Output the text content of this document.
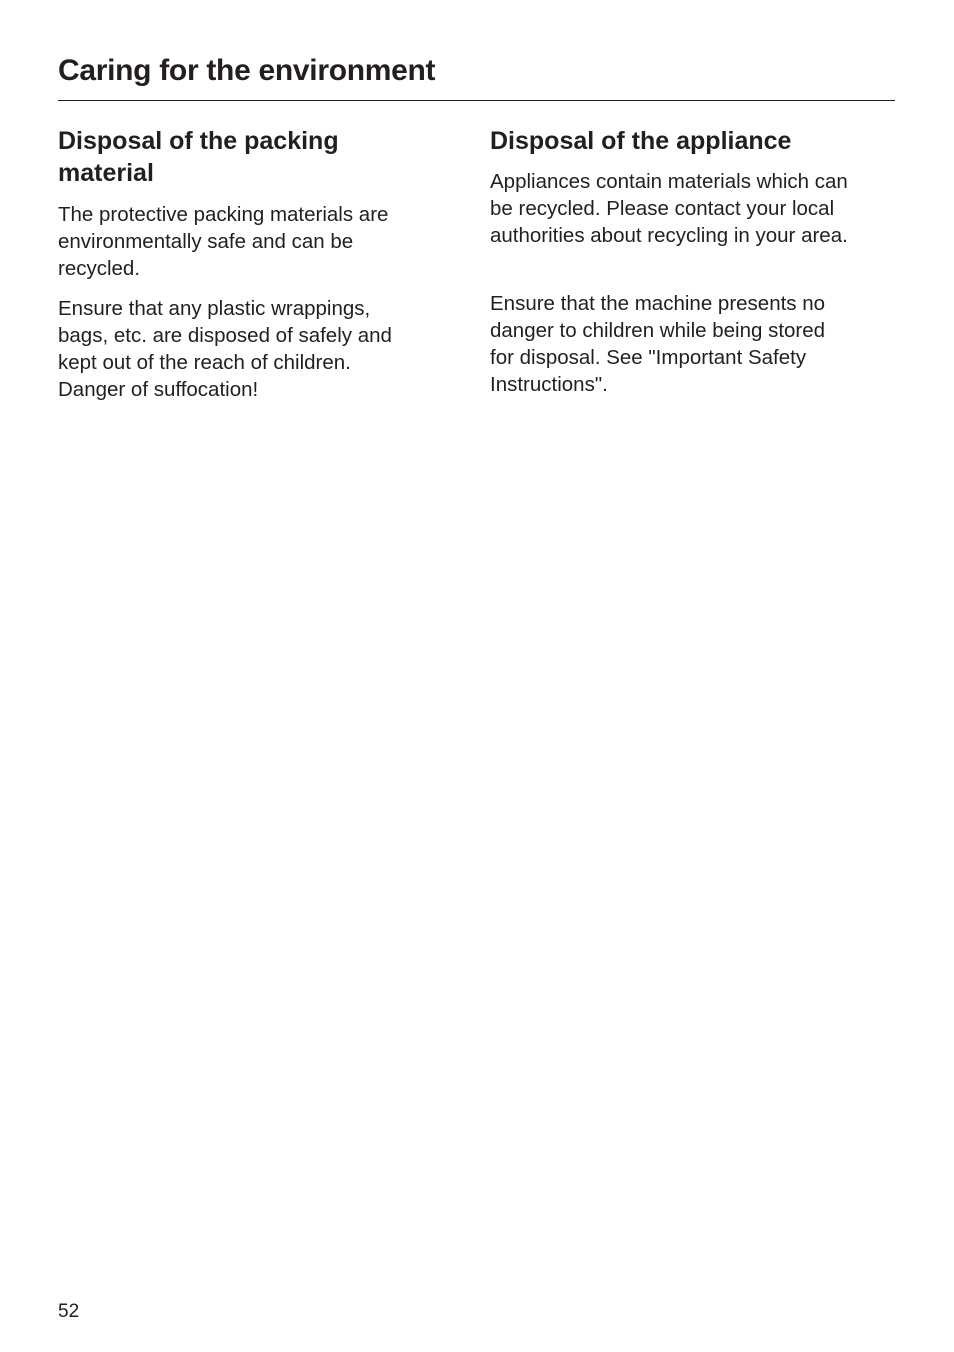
Caring for the environment
Disposal of the packing
material

The protective packing materials are
environmentally safe and can be
recycled.

Ensure that any plastic wrappings,
bags, etc. are disposed of safely and
kept out of the reach of children.
Danger of suffocation!

Disposal of the appliance

Appliances contain materials which can
be recycled. Please contact your local
authorities about recycling in your area.

Ensure that the machine presents no
danger to children while being stored
for disposal. See "Important Safety
Instructions".

52
